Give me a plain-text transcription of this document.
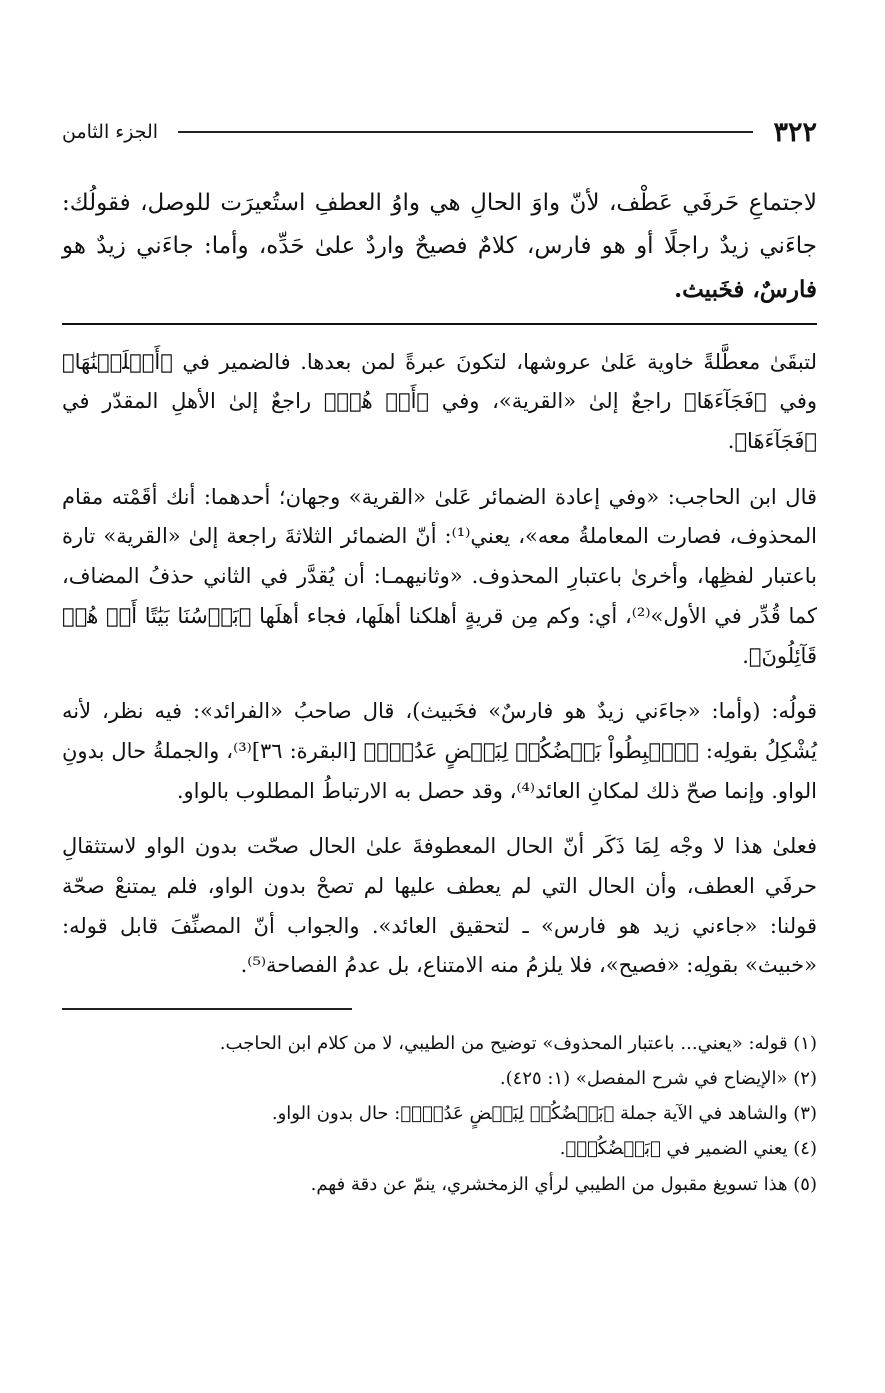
٣٢٢
الجزء الثامن
لاجتماعِ حَرفَي عَطْف، لأنّ واوَ الحالِ هي واوُ العطفِ استُعيرَت للوصل، فقولُك: جاءَني زيدٌ راجلًا أو هو فارس، كلامٌ فصيحٌ واردٌ علىٰ حَدِّه، وأما: جاءَني زيدٌ هو فارسٌ، فخَبيث.

لتبقَىٰ معطَّلةً خاوية عَلىٰ عروشها، لتكونَ عبرةً لمن بعدها. فالضمير في ﴿أَهۡلَكۡنَٰهَا﴾ وفي ﴿فَجَآءَهَا﴾ راجعٌ إلىٰ «القرية»، وفي ﴿أَوۡ هُمۡ﴾ راجعٌ إلىٰ الأهلِ المقدّر في ﴿فَجَآءَهَا﴾.

قال ابن الحاجب: «وفي إعادة الضمائر عَلىٰ «القرية» وجهان؛ أحدهما: أنك أقَمْته مقام المحذوف، فصارت المعاملةُ معه»، يعني⁽¹⁾: أنّ الضمائر الثلاثةَ راجعة إلىٰ «القرية» تارة باعتبار لفظِها، وأخرىٰ باعتبارِ المحذوف. «وثانيهمـا: أن يُقدَّر في الثاني حذفُ المضاف، كما قُدِّر في الأول»⁽²⁾، أي: وكم مِن قريةٍ أهلكنا أهلَها، فجاء أهلَها ﴿بَأۡسُنَا بَيَٰتًا أَوۡ هُمۡ قَآئِلُونَ﴾.

قولُه: (وأما: «جاءَني زيدٌ هو فارسٌ» فخَبيث)، قال صاحبُ «الفرائد»: فيه نظر، لأنه يُشْكِلُ بقولِه: ﴿ٱهۡبِطُواْ بَعۡضُكُمۡ لِبَعۡضٍ عَدُوّٞ﴾ [البقرة: ٣٦]⁽³⁾، والجملةُ حال بدونِ الواو. وإنما صحّ ذلك لمكانِ العائد⁽⁴⁾، وقد حصل به الارتباطُ المطلوب بالواو.

فعلىٰ هذا لا وجْه لِمَا ذَكَر أنّ الحال المعطوفةَ علىٰ الحال صحّت بدون الواو لاستثقالِ حرفَي العطف، وأن الحال التي لم يعطف عليها لم تصحْ بدون الواو، فلم يمتنعْ صحّة قولنا: «جاءني زيد هو فارس» ـ لتحقيق العائد». والجواب أنّ المصنِّفَ قابل قوله: «خبيث» بقولِه: «فصيح»، فلا يلزمُ منه الامتناع، بل عدمُ الفصاحة⁽⁵⁾.

(١) قوله: «يعني... باعتبار المحذوف» توضيح من الطيبي، لا من كلام ابن الحاجب.
(٢) «الإيضاح في شرح المفصل» (١: ٤٢٥).
(٣) والشاهد في الآية جملة ﴿بَعۡضُكُمۡ لِبَعۡضٍ عَدُوّٞ﴾: حال بدون الواو.
(٤) يعني الضمير في ﴿بَعۡضُكُمۡ﴾.
(٥) هذا تسويغ مقبول من الطيبي لرأي الزمخشري، ينمّ عن دقة فهم.
